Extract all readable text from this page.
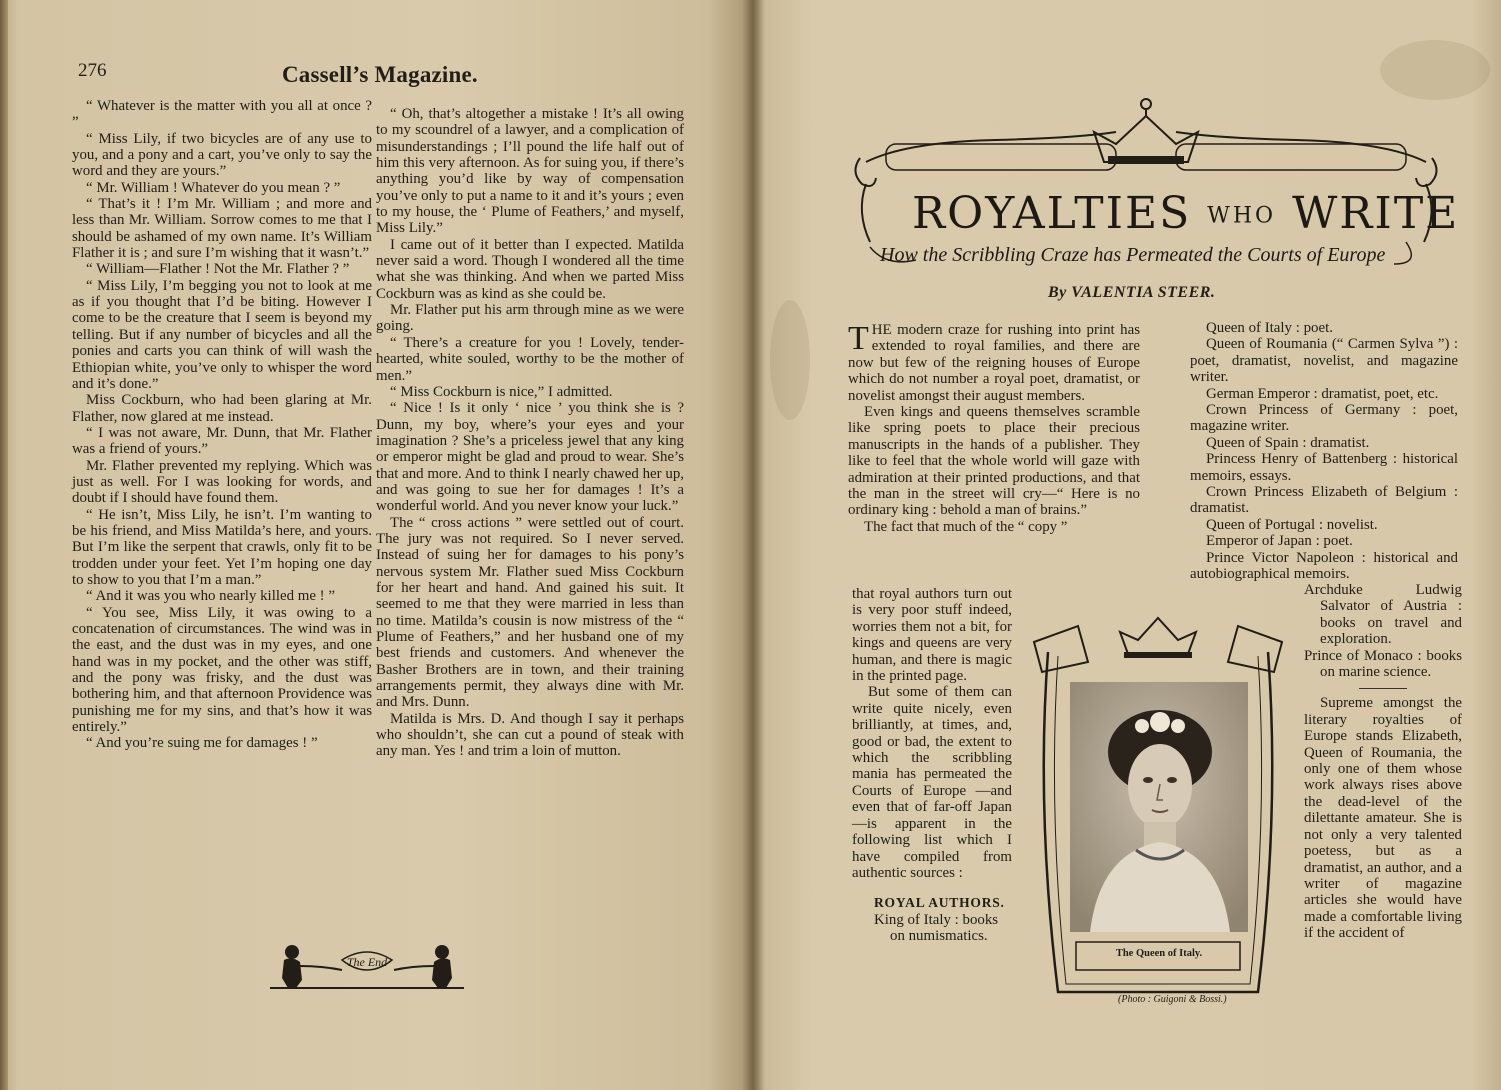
276	Cassell’s Magazine.

“ Whatever is the matter with you all at once ? ”

“ Miss Lily, if two bicycles are of any use to you, and a pony and a cart, you’ve only to say the word and they are yours.”

“ Mr. William ! Whatever do you mean ? ”

“ That’s it ! I’m Mr. William ; and more and less than Mr. William. Sorrow comes to me that I should be ashamed of my own name. It’s William Flather it is ; and sure I’m wishing that it wasn’t.”

“ William—Flather ! Not the Mr. Flather ? ”

“ Miss Lily, I’m begging you not to look at me as if you thought that I’d be biting. However I come to be the creature that I seem is beyond my telling. But if any number of bicycles and all the ponies and carts you can think of will wash the Ethiopian white, you’ve only to whisper the word and it’s done.”

Miss Cockburn, who had been glaring at Mr. Flather, now glared at me instead.

“ I was not aware, Mr. Dunn, that Mr. Flather was a friend of yours.”

Mr. Flather prevented my replying. Which was just as well. For I was looking for words, and doubt if I should have found them.

“ He isn’t, Miss Lily, he isn’t. I’m wanting to be his friend, and Miss Matilda’s here, and yours. But I’m like the serpent that crawls, only fit to be trodden under your feet. Yet I’m hoping one day to show to you that I’m a man.”

“ And it was you who nearly killed me ! ”

“ You see, Miss Lily, it was owing to a concatenation of circumstances. The wind was in the east, and the dust was in my eyes, and one hand was in my pocket, and the other was stiff, and the pony was frisky, and the dust was bothering him, and that afternoon Providence was punishing me for my sins, and that’s how it was entirely.”

“ And you’re suing me for damages ! ”

“ Oh, that’s altogether a mistake ! It’s all owing to my scoundrel of a lawyer, and a complication of misunderstandings ; I’ll pound the life half out of him this very afternoon. As for suing you, if there’s anything you’d like by way of compensation you’ve only to put a name to it and it’s yours ; even to my house, the ‘ Plume of Feathers,’ and myself, Miss Lily.”

I came out of it better than I expected. Matilda never said a word. Though I wondered all the time what she was thinking. And when we parted Miss Cockburn was as kind as she could be.

Mr. Flather put his arm through mine as we were going.

“ There’s a creature for you ! Lovely, tender-hearted, white souled, worthy to be the mother of men.”

“ Miss Cockburn is nice,” I admitted.

“ Nice ! Is it only ‘ nice ’ you think she is ? Dunn, my boy, where’s your eyes and your imagination ? She’s a priceless jewel that any king or emperor might be glad and proud to wear. She’s that and more. And to think I nearly chawed her up, and was going to sue her for damages ! It’s a wonderful world. And you never know your luck.”

The “ cross actions ” were settled out of court. The jury was not required. So I never served. Instead of suing her for damages to his pony’s nervous system Mr. Flather sued Miss Cockburn for her heart and hand. And gained his suit. It seemed to me that they were married in less than no time. Matilda’s cousin is now mistress of the “ Plume of Feathers,” and her husband one of my best friends and customers. And whenever the Basher Brothers are in town, and their training arrangements permit, they always dine with Mr. and Mrs. Dunn.

Matilda is Mrs. D. And though I say it perhaps who shouldn’t, she can cut a pound of steak with any man. Yes ! and trim a loin of mutton.

The End
ROYALTIES WHO WRITE
How the Scribbling Craze has Permeated the Courts of Europe
By VALENTIA STEER.

THE modern craze for rushing into print has extended to royal families, and there are now but few of the reigning houses of Europe which do not number a royal poet, dramatist, or novelist amongst their august members.

Even kings and queens themselves scramble like spring poets to place their precious manuscripts in the hands of a publisher. They like to feel that the whole world will gaze with admiration at their printed productions, and that the man in the street will cry—“ Here is no ordinary king : behold a man of brains.”

The fact that much of the “ copy ”

that royal authors turn out is very poor stuff indeed, worries them not a bit, for kings and queens are very human, and there is magic in the printed page.

But some of them can write quite nicely, even brilliantly, at times, and, good or bad, the extent to which the scribbling mania has permeated the Courts of Europe —and even that of far-off Japan—is apparent in the following list which I have compiled from authentic sources :

ROYAL AUTHORS.

King of Italy : books on numismatics.

The Queen of Italy.
(Photo : Guigoni & Bossi.)

Queen of Italy : poet.

Queen of Roumania (“ Carmen Sylva ”) : poet, dramatist, novelist, and magazine writer.

German Emperor : dramatist, poet, etc.

Crown Princess of Germany : poet, magazine writer.

Queen of Spain : dramatist.

Princess Henry of Battenberg : historical memoirs, essays.

Crown Princess Elizabeth of Belgium : dramatist.

Queen of Portugal : novelist.

Emperor of Japan : poet.

Prince Victor Napoleon : historical and autobiographical memoirs.

Archduke Ludwig Salvator of Austria : books on travel and exploration.

Prince of Monaco : books on marine science.

Supreme amongst the literary royalties of Europe stands Elizabeth, Queen of Roumania, the only one of them whose work always rises above the dead-level of the dilettante amateur. She is not only a very talented poetess, but as a dramatist, an author, and a writer of magazine articles she would have made a comfortable living if the accident of
